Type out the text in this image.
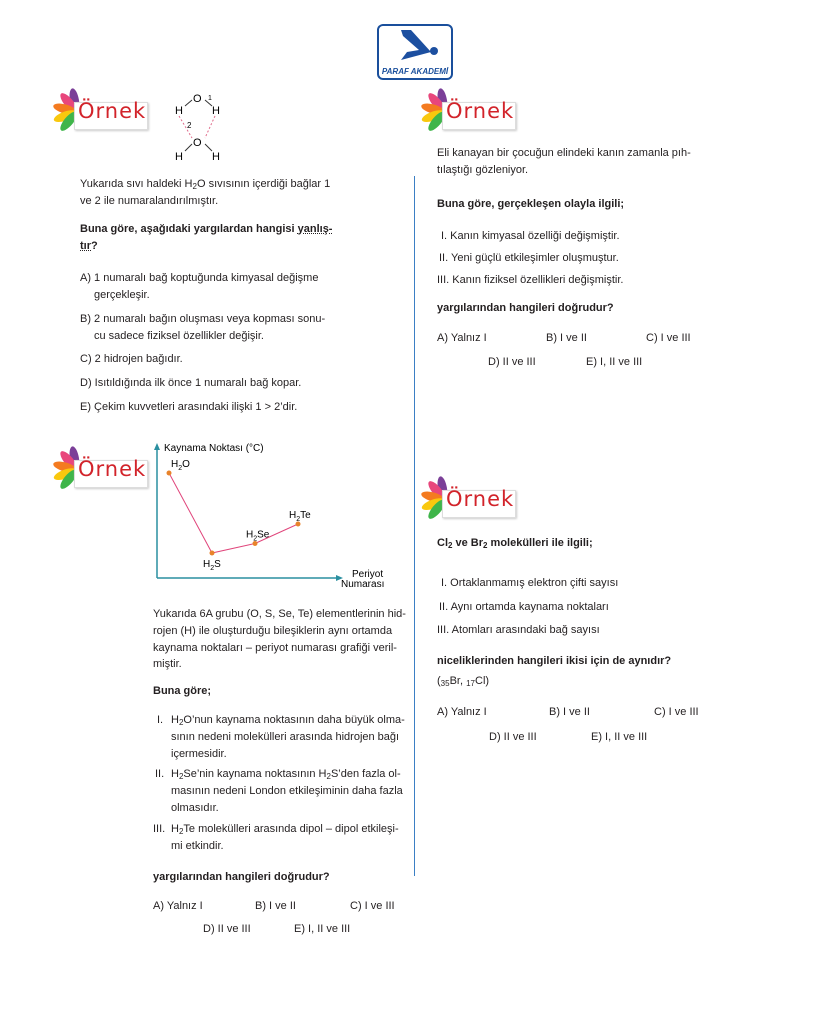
PARAF AKADEMİ
Örnek
Örnek
Örnek
Örnek
O 1
H	H
2
O
H	H
Yukarıda sıvı haldeki $H_2O$ sıvısının içerdiği bağlar 1
ve 2 ile numaralandırılmıştır.
Buna göre, aşağıdaki yargılardan hangisi yanlış-
tır?
A) 1 numaralı bağ koptuğunda kimyasal değişme
gerçekleşir.
B) 2 numaralı bağın oluşması veya kopması sonu-
cu sadece fiziksel özellikler değişir.
C) 2 hidrojen bağıdır.
D) Isıtıldığında ilk önce 1 numaralı bağ kopar.
E) Çekim kuvvetleri arasındaki ilişki 1 > 2’dir.
Kaynama Noktası (°C)
Periyot
Numarası
$H_2O$
$H_2S$
$H_2Se$
$H_2Te$
Yukarıda 6A grubu (O, S, Se, Te) elementlerinin hid-
rojen (H) ile oluşturduğu bileşiklerin aynı ortamda
kaynama noktaları – periyot numarası grafiği veril-
miştir.
Buna göre;
I. $H_2O’nun$ kaynama noktasının daha büyük olma-
sının nedeni molekülleri arasında hidrojen bağı
içermesidir.
II. $H_2Se’nin$ kaynama noktasının $H_2S’den$ fazla ol-
masının nedeni London etkileşiminin daha fazla
olmasıdır.
III. $H_2Te$ molekülleri arasında dipol – dipol etkileşi-
mi etkindir.
yargılarından hangileri doğrudur?
A) Yalnız I	B) I ve II	C) I ve III
D) II ve III	E) I, II ve III
Eli kanayan bir çocuğun elindeki kanın zamanla pıh-
tılaştığı gözleniyor.
Buna göre, gerçekleşen olayla ilgili;
I. Kanın kimyasal özelliği değişmiştir.
II. Yeni güçlü etkileşimler oluşmuştur.
III. Kanın fiziksel özellikleri değişmiştir.
yargılarından hangileri doğrudur?
A) Yalnız I	B) I ve II	C) I ve III
D) II ve III	E) I, II ve III
$Cl_2$ ve $Br_2$ molekülleri ile ilgili;
I. Ortaklanmamış elektron çifti sayısı
II. Aynı ortamda kaynama noktaları
III. Atomları arasındaki bağ sayısı
niceliklerinden hangileri ikisi için de aynıdır?
($_{35}Br$, $_{17}$Cl)
A) Yalnız I	B) I ve II	C) I ve III
D) II ve III	E) I, II ve III
